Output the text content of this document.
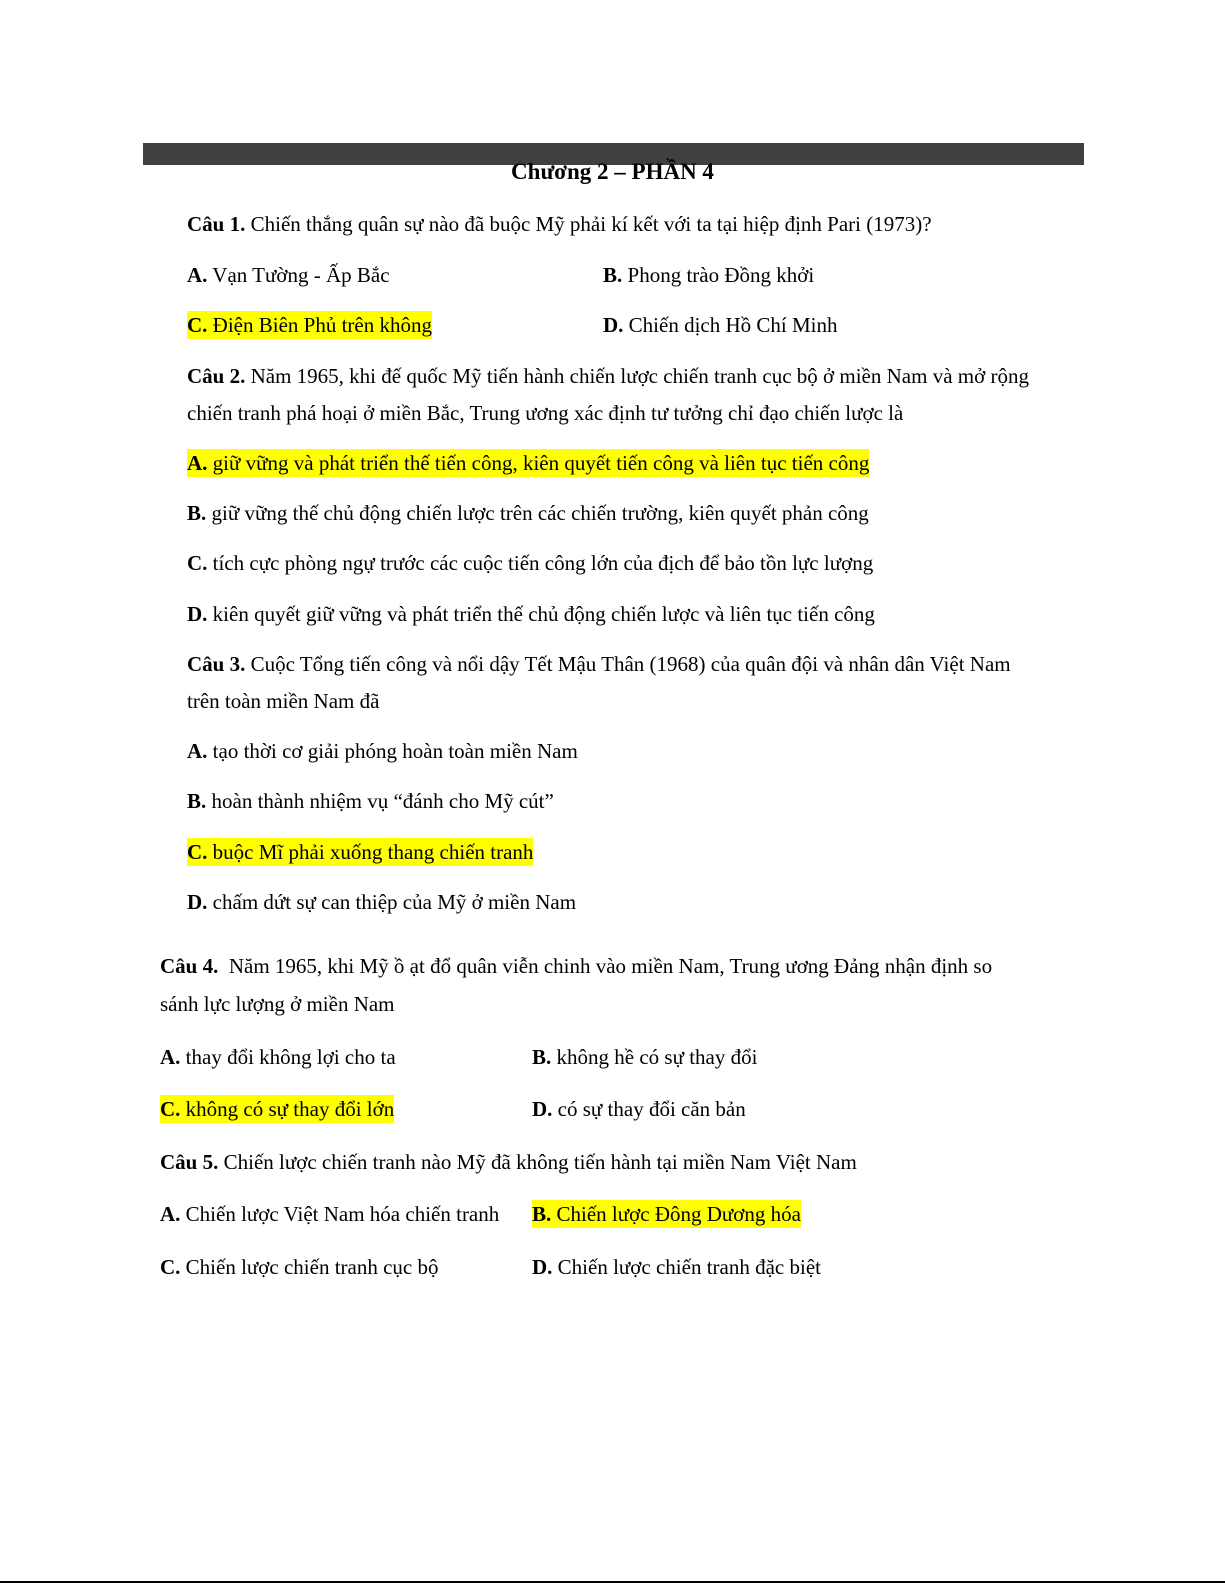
Chương 2 – PHẦN 4
Câu 1. Chiến thắng quân sự nào đã buộc Mỹ phải kí kết với ta tại hiệp định Pari (1973)?
A. Vạn Tường - Ấp Bắc	B. Phong trào Đồng khởi
C. Điện Biên Phủ trên không	D. Chiến dịch Hồ Chí Minh
Câu 2. Năm 1965, khi đế quốc Mỹ tiến hành chiến lược chiến tranh cục bộ ở miền Nam và mở rộng
chiến tranh phá hoại ở miền Bắc, Trung ương xác định tư tưởng chỉ đạo chiến lược là
A. giữ vững và phát triển thế tiến công, kiên quyết tiến công và liên tục tiến công
B. giữ vững thế chủ động chiến lược trên các chiến trường, kiên quyết phản công
C. tích cực phòng ngự trước các cuộc tiến công lớn của địch để bảo tồn lực lượng
D. kiên quyết giữ vững và phát triển thế chủ động chiến lược và liên tục tiến công
Câu 3. Cuộc Tổng tiến công và nổi dậy Tết Mậu Thân (1968) của quân đội và nhân dân Việt Nam
trên toàn miền Nam đã
A. tạo thời cơ giải phóng hoàn toàn miền Nam
B. hoàn thành nhiệm vụ “đánh cho Mỹ cút”
C. buộc Mĩ phải xuống thang chiến tranh
D. chấm dứt sự can thiệp của Mỹ ở miền Nam
Câu 4. Năm 1965, khi Mỹ ồ ạt đổ quân viễn chinh vào miền Nam, Trung ương Đảng nhận định so
sánh lực lượng ở miền Nam
A. thay đổi không lợi cho ta	B. không hề có sự thay đổi
C. không có sự thay đổi lớn	D. có sự thay đổi căn bản
Câu 5. Chiến lược chiến tranh nào Mỹ đã không tiến hành tại miền Nam Việt Nam
A. Chiến lược Việt Nam hóa chiến tranh B. Chiến lược Đông Dương hóa
C. Chiến lược chiến tranh cục bộ	D. Chiến lược chiến tranh đặc biệt
